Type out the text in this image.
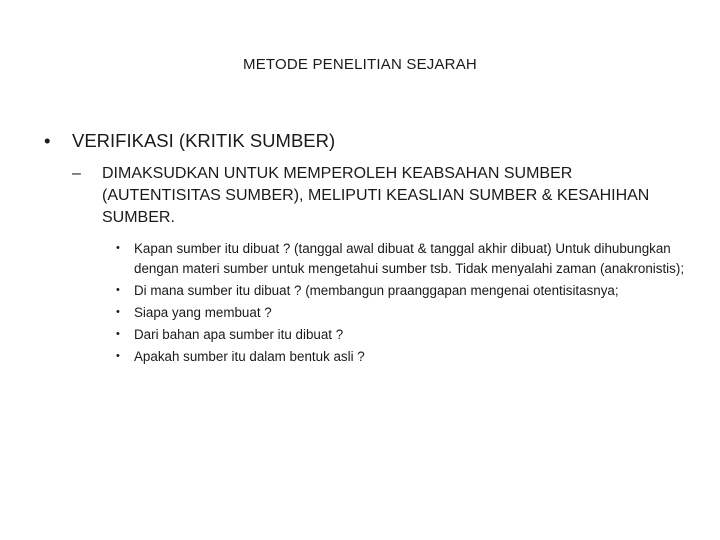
METODE PENELITIAN SEJARAH
•	VERIFIKASI (KRITIK SUMBER)
–	DIMAKSUDKAN UNTUK MEMPEROLEH KEABSAHAN SUMBER (AUTENTISITAS SUMBER), MELIPUTI KEASLIAN SUMBER & KESAHIHAN SUMBER.
•	Kapan sumber itu dibuat ? (tanggal awal dibuat & tanggal akhir dibuat) Untuk dihubungkan dengan materi sumber untuk mengetahui sumber tsb. Tidak menyalahi zaman (anakronistis);
•	Di mana sumber itu dibuat ? (membangun praanggapan mengenai otentisitasnya;
•	Siapa yang membuat ?
•	Dari bahan apa sumber itu dibuat ?
•	Apakah sumber itu dalam bentuk asli ?
